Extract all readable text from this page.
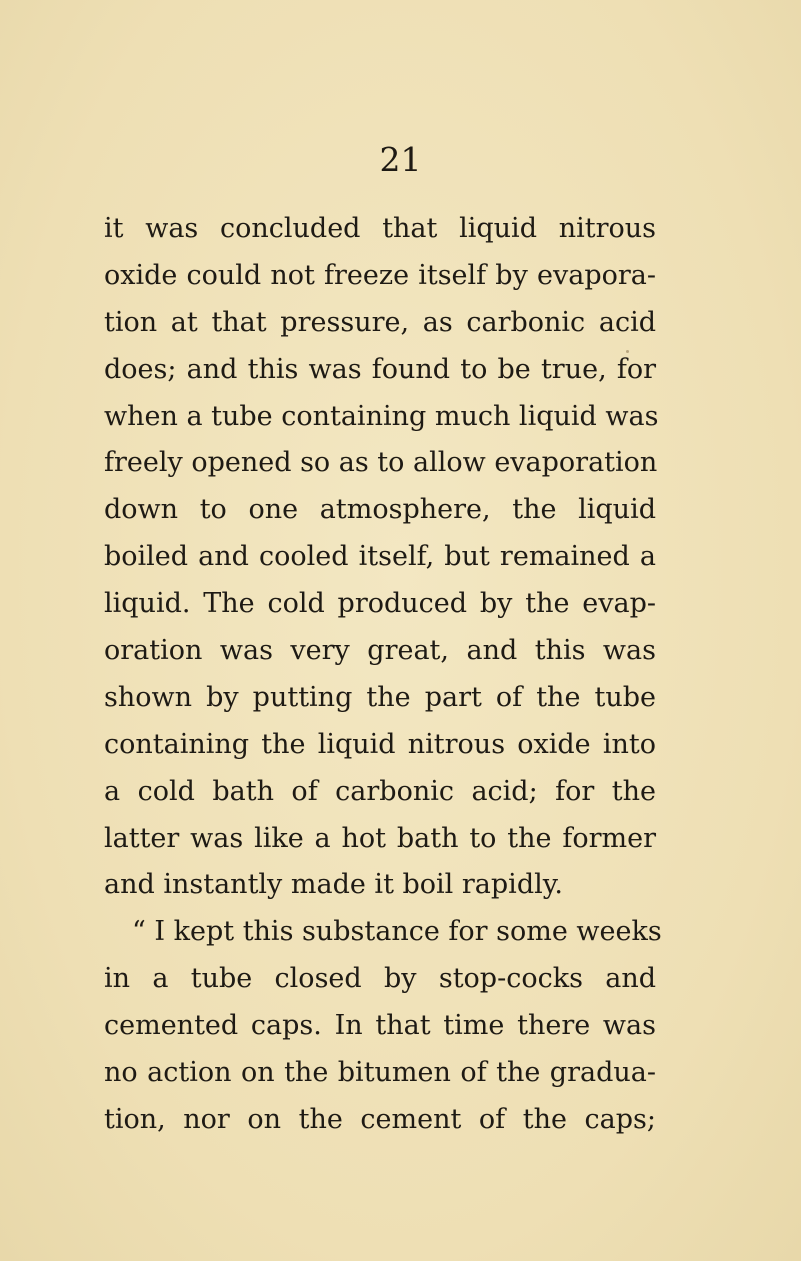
21
it was concluded that liquid nitrous
oxide could not freeze itself by evapora-
tion at that pressure, as carbonic acid
does; and this was found to be true, for
when a tube containing much liquid was
freely opened so as to allow evaporation
down to one atmosphere, the liquid
boiled and cooled itself, but remained a
liquid. The cold produced by the evap-
oration was very great, and this was
shown by putting the part of the tube
containing the liquid nitrous oxide into
a cold bath of carbonic acid; for the
latter was like a hot bath to the former
and instantly made it boil rapidly.
“ I kept this substance for some weeks
in a tube closed by stop-cocks and
cemented caps. In that time there was
no action on the bitumen of the gradua-
tion, nor on the cement of the caps;
